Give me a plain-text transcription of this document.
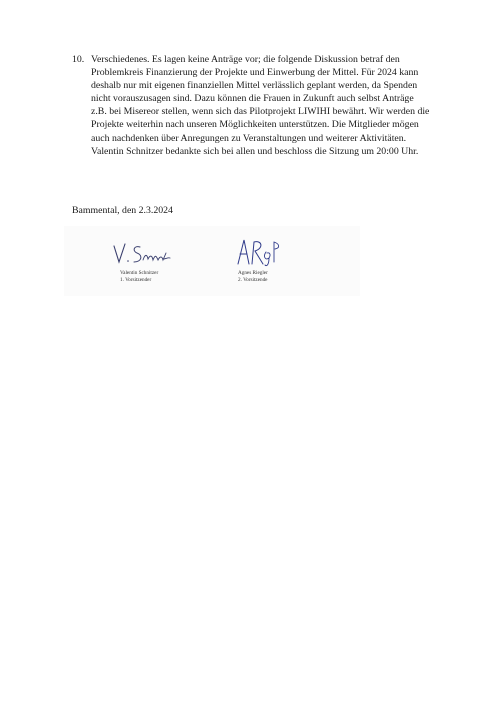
10. Verschiedenes. Es lagen keine Anträge vor; die folgende Diskussion betraf den
Problemkreis Finanzierung der Projekte und Einwerbung der Mittel. Für 2024 kann
deshalb nur mit eigenen finanziellen Mittel verlässlich geplant werden, da Spenden
nicht vorauszusagen sind. Dazu können die Frauen in Zukunft auch selbst Anträge
z.B. bei Misereor stellen, wenn sich das Pilotprojekt LIWIHI bewährt. Wir werden die
Projekte weiterhin nach unseren Möglichkeiten unterstützen. Die Mitglieder mögen
auch nachdenken über Anregungen zu Veranstaltungen und weiterer Aktivitäten.
Valentin Schnitzer bedankte sich bei allen und beschloss die Sitzung um 20:00 Uhr.
Bammental, den 2.3.2024
Valentin Schnitzer
1. Vorsitzender
Agnes Riegler
2. Vorsitzende
